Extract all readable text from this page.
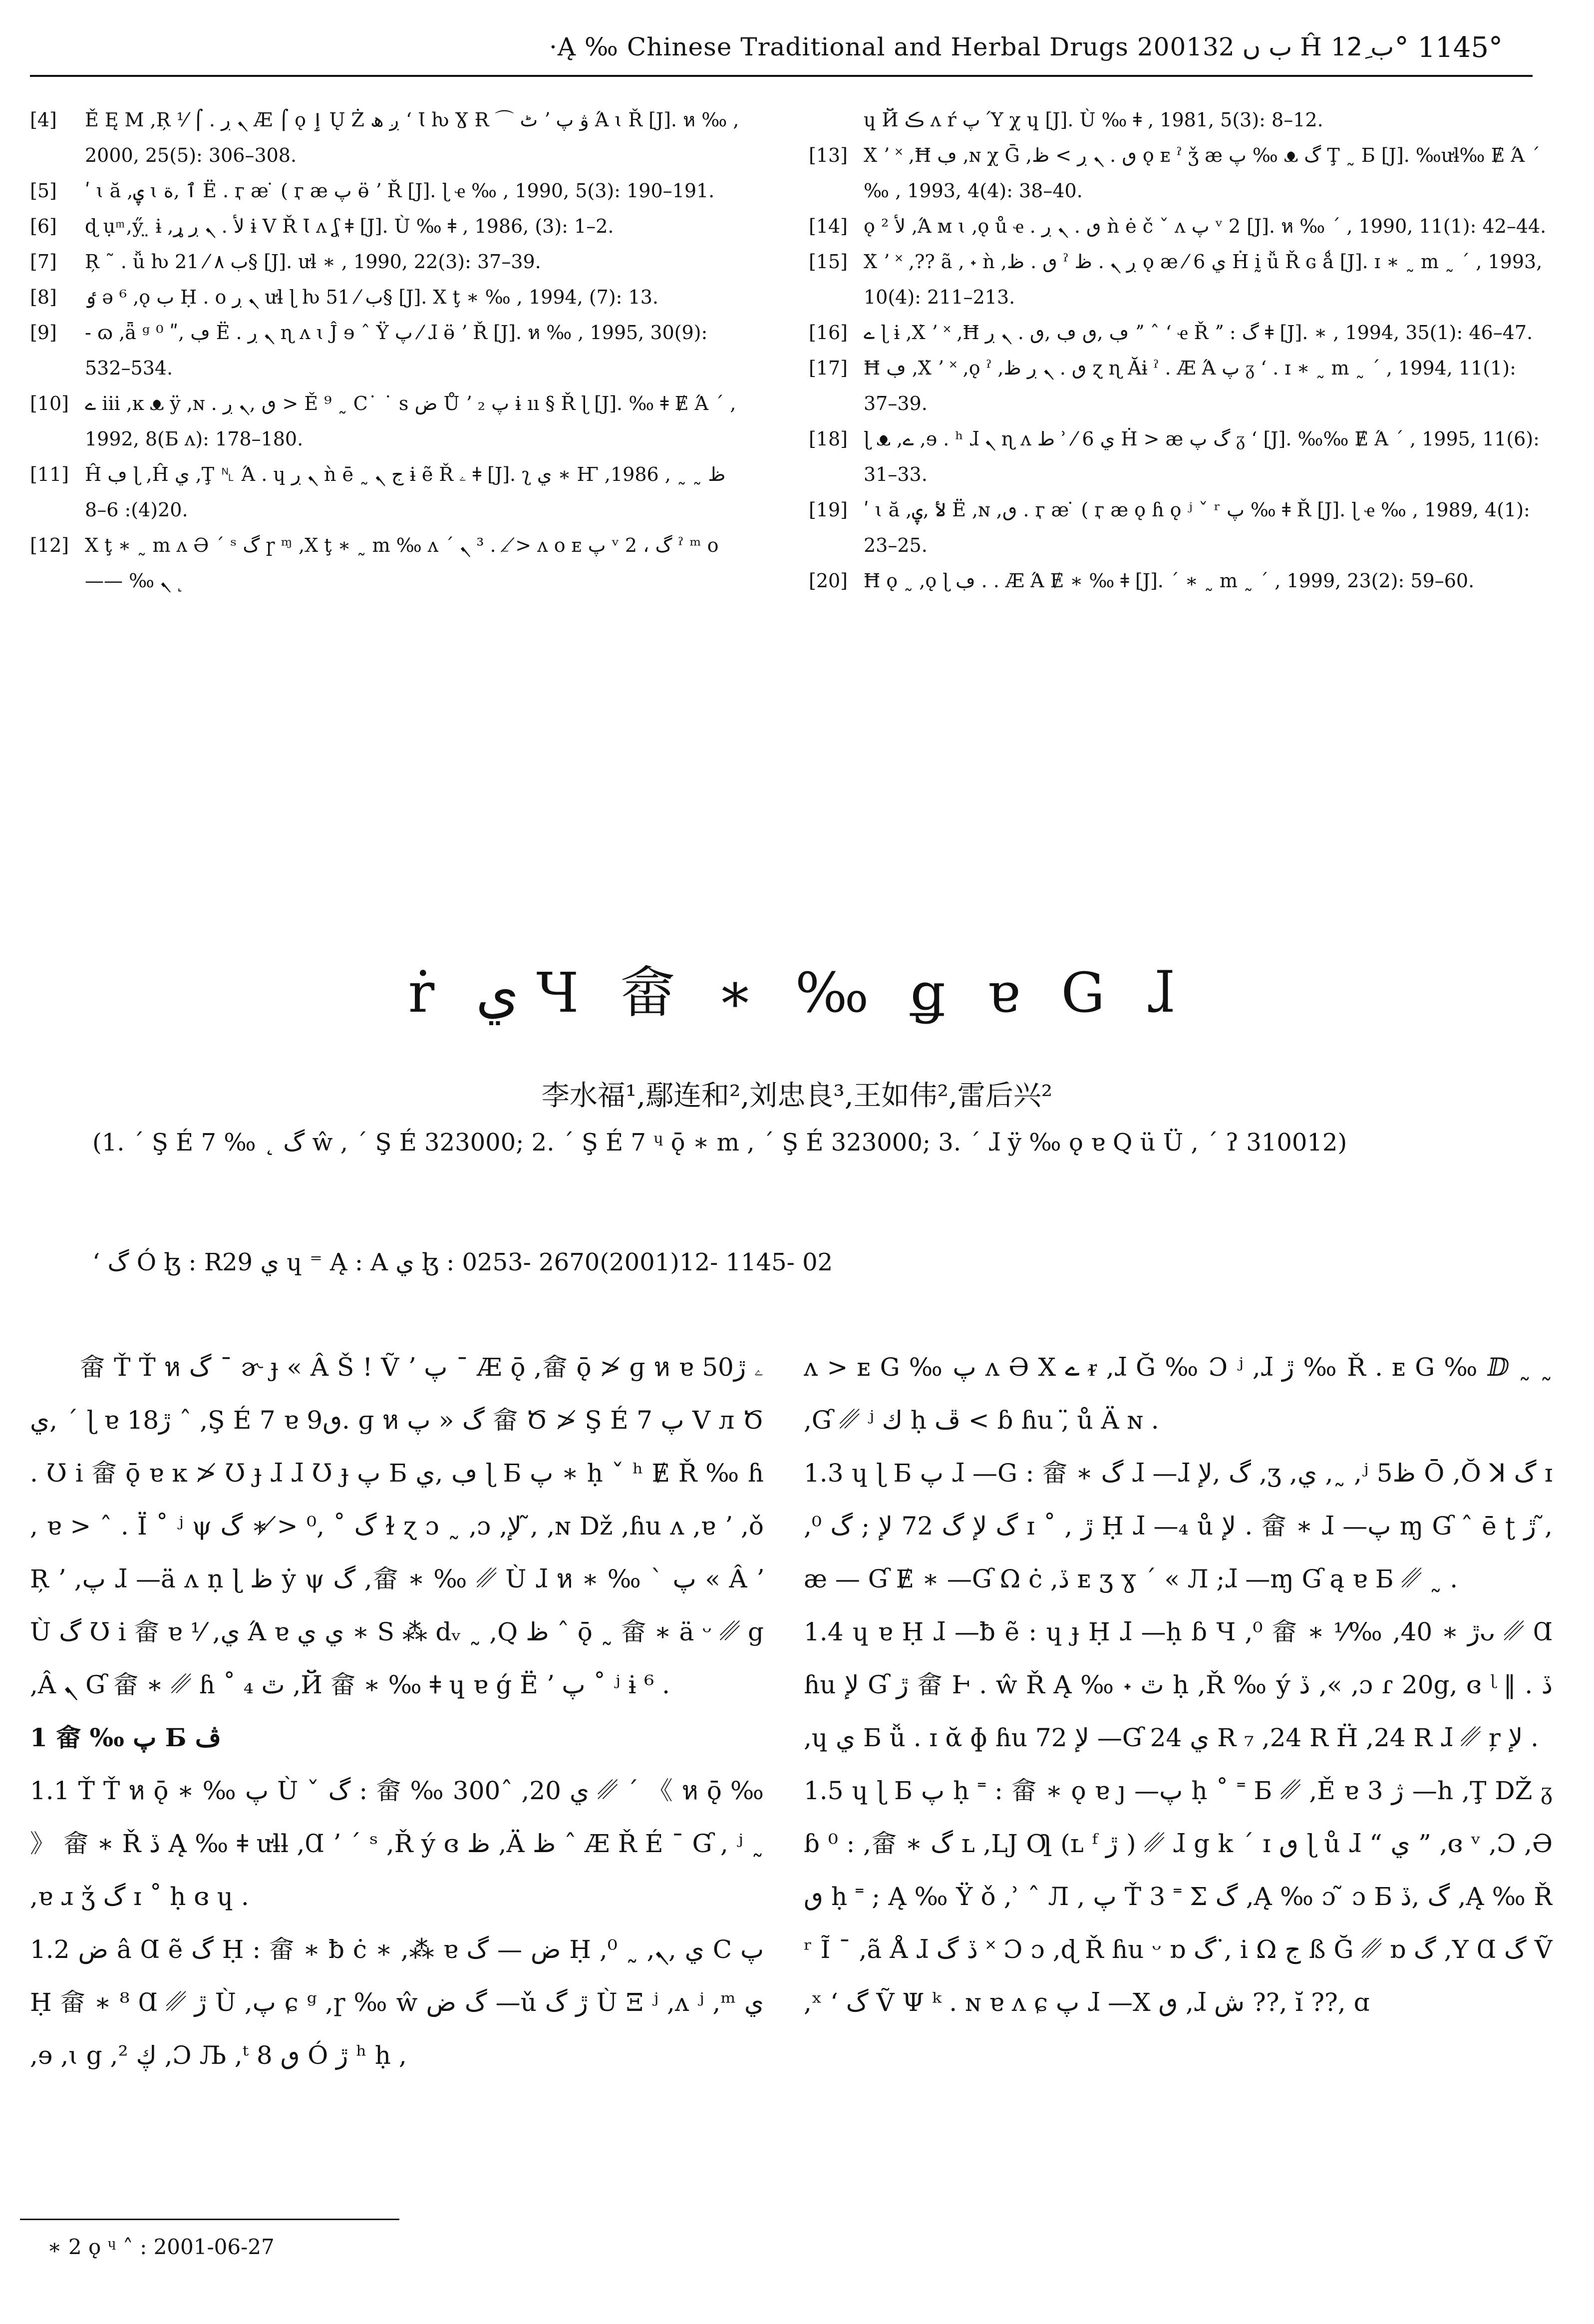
·Ą ‰ Chinese Traditional and Herbal Drugs 2001ب ں 32 Ĥ ب 12ِ ° 1145°

[4] Ě Ę Μ ,Ŗ ⅟ ⌠ . ܢ ڔ Æ ⌠ ǫ ٳ Ų Ż ږ ھ ʻ Ɩ ƕ Ɣ Ɍ ⌒ ٹ ʼ ۋ پ Ά ɩ Ř [J]. ห ‰ , 2000, 25(5): 306–308.

[5] ʹ ɩ ă ,ۑ ɩ ٱ ,ة Ë . ӷ ӕ ̇ ( ӷ ӕ پ ӫ ʼ Ř [J]. ɭ ҽ ‰ , 1990, 5(3): 190–191.

[6] ɖ ụ ͫ ,ӳ ̤ ɨ ,لأ . ܢ ڔ ړ ɨ V Ř Ɩ ʌ ʆ ǂ [J]. Ù ‰ ǂ , 1986, (3): 1–2.

[7] Ŗ ˜ . ǚ ƕ ب ٨ ⁄ 21§ [J]. ưƚ ∗ , 1990, 22(3): 37–39.

[8] ٶ ǝ ⁶ ,ǫ ب Ḥ . o ܢ ڔ ưƚ ɭ ƕ ب ⁄ 51§ [J]. Χ ţ ∗ ‰ , 1994, (7): 13.

[9] ‐ ɷ ,ǟ ᵍ ڢ ,ʺ ⁰ Ë . ܢ ڔ ɳ ʌ ɩ Ĵ ɘ ˆ Ÿ پ ⁄ ɺ ӫ ʼ Ř [J]. ห ‰ , 1995, 30(9): 532–534.

[10] ے iii ,ĸ ᴥ ÿ ,ɴ . ٯ ,ܢ ڔ > Ě ⁹ ˷ C˙ ˙ s ض Ů ʼ پ ₂ ɨ ıı § Ř ɭ [J]. ‰ ǂ Ɇ Ά ˊ , 1992, 8(Ƃ ʌ): 178–180.

[11] Ĥ ڢ ɭ ,Ĥ ي ,Ţ ␤ Ά . ɥ ܢ ڔ ǹ ē ˷ ج ܢ ɨ ẽ Ř ۦ ǂ [J]. ʅ ي ∗ Ҥ ظ ˷ ˷ , 1986, 20(4): 6–8.

[12] Χ ţ ∗ ˷ m ʌ Ә ˊ ˢ گ ɼ ᶬ ,Χ ţ ∗ ˷ m ‰ ʌ ˊ ۦ . ³ ܢ ≯ ʌ o ᴇ پ ᵛ 2 ، گ ˀ ᵐ o —— ‰ ܢ ˻

ɥ Й ڪ ʌ ŕ پ Ύ χ ɥ [J]. Ù ‰ ǂ , 1981, 5(3): 8–12.

[13] Χ̇ ʼ ˟ ,Ħ ڢ ,ɴ χ Ḡ ,ٯ . ܢ ڔ > ظ ǫ ᴇ ˀ ǯ æ پ ‰ ᴥ گ Ţ ˷ Ƃ [J]. ‰ưƚ‰ Ɇ Ά ˊ ‰ , 1993, 4(4): 38–40.

[14] ǫ ² لأ ,Ά ᴍ ɩ ,ǫ ů ҽ . ٯ . ܢ ڔ ǹ ė č ˇ ʌ پ ᵛ 2 [J]. ห ‰ ˊ , 1990, 11(1): 42–44.

[15] Χ̇ ʼ ˟ ,?? ã , ˖ ǹ ,ٯ . ظ ˀ ڔ ܢ . ظ ǫ æ ⁄ ي 6 Ḣ ḭ ǚ Ř ɢ ǻ [J]. ɪ ∗ ˷ m ˷ ˊ , 1993, 10(4): 211–213.

[16] ے ɭ ɨ ,Χ̇ ʼ ˟ ,Ħ ڢ ,ٯ ڢ ,ٯ . ܢ ڔ ˮ ˆ ʻ ҽ Ř ˮ : گ ǂ [J]. ∗ , 1994, 35(1): 46–47.

[17] Ħ ڢ ,Χ̇ ʼ ˟ ,ǫ ˀ ,ٯ . ܢ ڔ ظ ɀ ɳ Ăɨ ˀ . Æ Ά پ ᵹ ʻ . ɪ ∗ ˷ m ˷ ˊ , 1994, 11(1): 37–39.

[18] ɭ ᴥ ,ے ,ɘ . ʰ ɺ ܢ ɳ ʌ ط ʾ ⁄ ي 6 Ḣ > æ گ پ ᵹ ʻ [J]. ‰‰ Ɇ Ά ˊ , 1995, 11(6): 31–33.

[19] ʹ ɩ ă ,لأ ,ۑ Ë ,ɴ ,ٯ . ӷ ӕ ̇ ( ӷ ӕ ǫ ɦ ǫ ʲ ˇ ʳ پ ‰ ǂ Ř [J]. ɭ ҽ ‰ , 1989, 4(1): 23–25.

[20] Ħ ǫ ˷ ,ǫ ɭ ڢ . . Æ Ά Ɇ ∗ ‰ ǂ [J]. ˊ ∗ ˷ m ˷ ˊ , 1999, 23(2): 59–60.

ṙ ي Ч 畲 ∗ ‰ ǥ ɐ G ɺ
李水福¹,鄢连和²,刘忠良³,王如伟²,雷后兴²
(1. ˊ Ş É 7 ‰ ˛ گ ŵ , ˊ Ş É 323000; 2. ˊ Ş É 7 ᶣ ǭ ∗ m , ˊ Ş É 323000; 3. ˊ ɺ ÿ ‰ ǫ ɐ Q ü Ü , ˊ ʔ 310012)
ʻ گ Ó ɮ : R29 ي ɥ ⁼ Ą : A ي ɮ : 0253- 2670(2001)12- 1145- 02

畲 Ť Ť ห گ ¯ ɚ ɟ « Â Š ! Ṽ ʼ پ ˉ Æ ǭ ,畲 ǭ ≯ ɡ ห ɐ 50ۦ ڙ ,ي ˊ ɭ ɐ 18ڙ ˆ ,Ş É 7 ɐ 9ٯ. ɡ ห گ « پ 畲 Ծ ≯ Ş É 7 پ V л Ծ . Ʊ i 畲 ǭ ɐ ĸ ≯ Ʊ ɟ ɺ ɺ Ʊ ɟ پ Ƃ ڢ ,ي ɭ Ƃ پ ∗ ḥ ˇ ʰ Ɇ Ř ‰ ɦ , ɐ > ˆ . Ï ˚ ʲ ψ گ ˚ ,⁰ ≯ ∗ گ ɫ ɀ ɔ ˷ ,ɔ ,لإ ,̃ ,ɴ Dž ,ɦu ʌ ,ɐ ʼ ,ǒ Ŗ ʼ ,پ ɺ —ä ʌ ṇ ɭ ظ ẏ ψ گ ,畲 ∗ ‰ ␥ Ù ɺ ห ∗ ‰ ˋ پ « Â ʼ Ù گ Ʊ i 畲 ɐ ⅟ ,ي Ά ɐ ي ي ∗ S ⁂ dᵥ ˷ ,Q ظ ˆ ǭ ˷ 畲 ∗ ä ᵕ ␥ g ,Â ܢ Ɠ 畲 ∗ ␥ ɦ ˚ ₄ ٿ ,Й 畲 ∗ ‰ ǂ ɥ ɐ ǵ Ë ʼ پ ˚ ʲ ɨ ⁶ .

1 畲 ‰ پ Ƃ ڤ

1.1 Ť Ť ห ǭ ∗ ‰ پ Ù ˇ گ : 畲 ‰ 300ˆ ,ي 20 ␥ ˊ 《 ห ǭ ‰ 》 畲 ∗ Ř ڏ Ą ‰ ǂ ưƚƚ ,Ɑ ʼ ˊ ˢ ,Ř ý ɞ ظ ,Ä ظ ˆ Æ Ř É ˉ Ɠ , ʲ ˷ ,ɐ ɹ ǯ گ ɪ ˚ ḥ ɞ ɥ .

1.2 ض â Ɑ ẽ گ Ḥ : 畲 ∗ ƀ ċ ∗ ,⁂ ɐ ض — گ Ḥ ,⁰ ˷ ,ي ,ܢ C پ Ḥ 畲 ∗ ⁸ Ɑ ␥ ڙ Ù ,پ ɕ ᵍ ,ɼ ‰ ŵ گ ض —ǔ ڙ گ Ù Ξ ʲ ,ʌ ʲ ,ᵐ ي ,ɘ ,ɩ g ,² ڮ ,Ɔ Љ ,ᵗ ٯ 8 Ó ڙ ʰ ḥ ,

ʌ > ᴇ G ‰ پ ʌ Ә Χ ے ᵲ ,ɺ Ğ ‰ Ɔ ʲ ,ɺ ڙ ‰ Ř . ᴇ G ‰ ⅅ ˷ ˷ ,Ɠ ␥ ʲ ك ḥ ڦ < ɓ ɦu ,̈ ů Ä ɴ .

1.3 ɥ ɭ Ƃ پ ɺ —G : 畲 ∗ گ ɺ —ɺ گ ,لإ ,ʒ ,ي ,˷ ,ʲ 5ظ Ō ,Ŏ ꓘ گ ɪ ,⁰ گ لإ گ 72 لإ ; گ ɪ ˚ , ڙ Ḥ ɺ —₄ ů لإ . 畲 ∗ ɺ —پ ɱ Ɠ ˆ ē ʈ ڙ ,̃ æ — Ɠ Ɇ ∗ —Ɠ Ω ċ ,ڏ ᴇ ʒ ɣ ´ « Л ;ɺ —ɱ Ɠ ą ɐ Ƃ ␥ ˷ .

1.4 ɥ ɐ Ḥ ɺ —ƀ ẽ : ɥ ɟ Ḥ ɺ —ḥ ɓ Ч ,⁰ 畲 ∗ ⅟‰ ,ڙ ∗ 40ᴗ ␥ Ɑ ɦu لإ Ɠ ڙ 畲 Ͱ . ŵ Ř Ą ‰ ˖ ٿ ḥ ,Ř ‰ ý ڏ ,« ,ɔ ɾ 20g, ɞ ᶩ ‖ . ڏ ,ɥ ي Ƃ ǚ . ɪ ᾰ ɸ ɦu لإ 72 —Ɠ ي 24 R ₇ ,24 R Ḧ ,24 R ɺ ␥ ŗ لإ .

1.5 ɥ ɭ Ƃ پ ḥ ˭ : 畲 ∗ ǫ ɐ ȷ —پ ḥ ˚ ˭ Ƃ ␥ ,Ě ɐ 3 ژ —h ,Ţ DŽ ᵹ ɓ ⁰ : ,畲 ∗ گ ʟ ,LJ Ƣ (ʟ ᶠ ڙ ) ␥ ɺ g k ˊ ɪ ٯ ɭ ů ɺ “ ي ” ,ɞ ᵛ ,Ɔ ,Ə ٯ ḥ ˭ ; Ą ‰ Ÿ ǒ ,ʾ ˆ Л , پ Ť 3 ˭ Σ گ ,Ą ‰ ɔ ̃ ɔ Ƃ گ ,ڏ ,Ą ‰ Ř ʳ Ĩ ˉ ,ã Å ɺ ڏ گ ˟ Ɔ ɔ ,ɖ Ř ɦu ᵕ ɒ گ ,̈ i Ω ج ß Ğ ␥ ɒ گ ,Y Ɑ گ Ṽ ,ˣ ʻ گ Ṽ Ψ ᵏ . ɴ ɐ ʌ ɕ پ ɺ —X ٯ ,ɺ ش ??, ĭ ??, ɑ

∗ 2 ǫ ᶣ ˄ : 2001-06-27
